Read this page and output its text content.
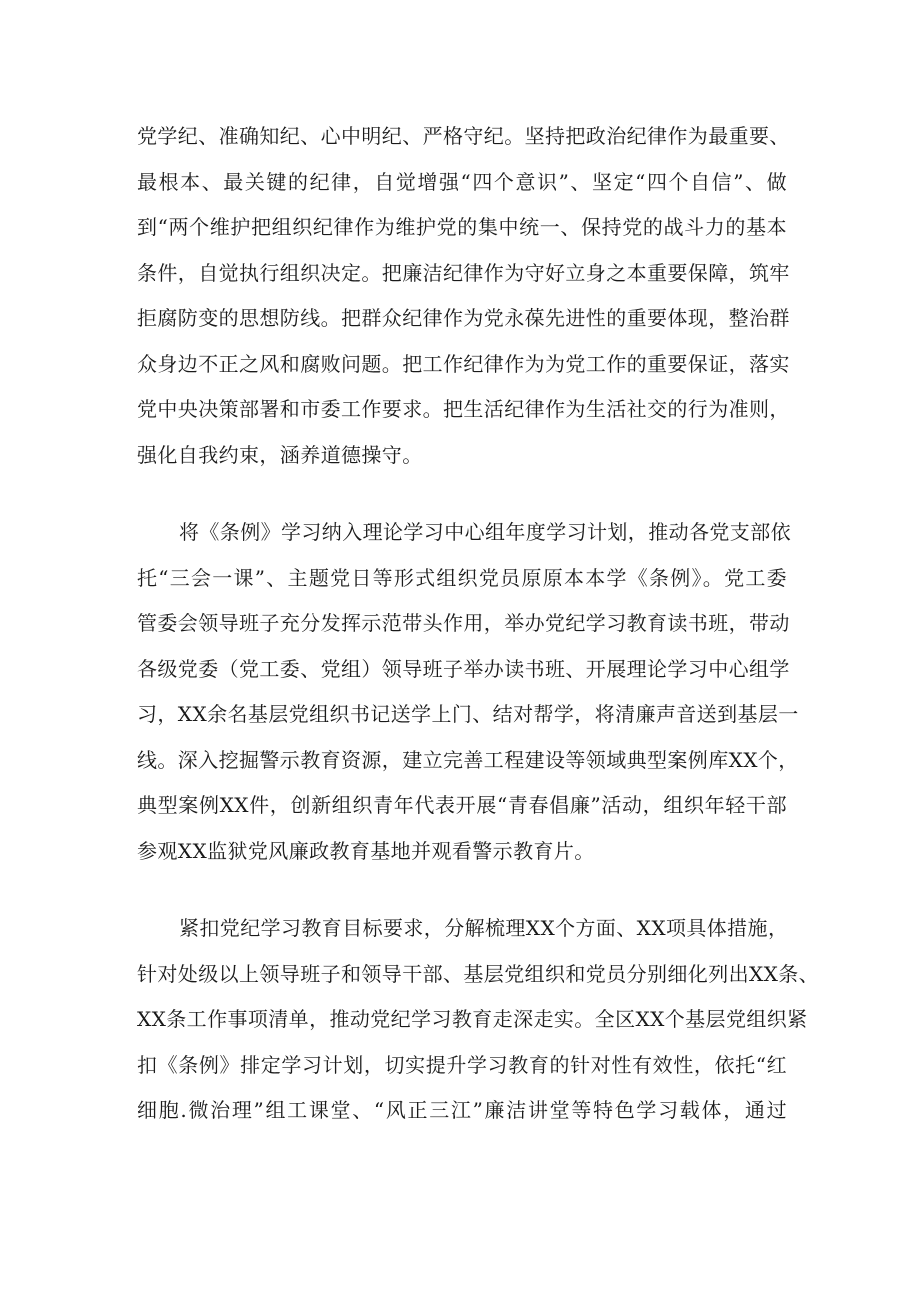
党学纪、准确知纪、心中明纪、严格守纪。坚持把政治纪律作为最重要、
最根本、最关键的纪律，自觉增强“四个意识”、坚定“四个自信”、做
到“两个维护把组织纪律作为维护党的集中统一、保持党的战斗力的基本
条件，自觉执行组织决定。把廉洁纪律作为守好立身之本重要保障，筑牢
拒腐防变的思想防线。把群众纪律作为党永葆先进性的重要体现，整治群
众身边不正之风和腐败问题。把工作纪律作为为党工作的重要保证，落实
党中央决策部署和市委工作要求。把生活纪律作为生活社交的行为准则，
强化自我约束，涵养道德操守。
将《条例》学习纳入理论学习中心组年度学习计划，推动各党支部依
托“三会一课”、主题党日等形式组织党员原原本本学《条例》。党工委
管委会领导班子充分发挥示范带头作用，举办党纪学习教育读书班，带动
各级党委（党工委、党组）领导班子举办读书班、开展理论学习中心组学
习，XX余名基层党组织书记送学上门、结对帮学，将清廉声音送到基层一
线。深入挖掘警示教育资源，建立完善工程建设等领域典型案例库XX个，
典型案例XX件，创新组织青年代表开展“青春倡廉”活动，组织年轻干部
参观XX监狱党风廉政教育基地并观看警示教育片。
紧扣党纪学习教育目标要求，分解梳理XX个方面、XX项具体措施，
针对处级以上领导班子和领导干部、基层党组织和党员分别细化列出XX条、
XX条工作事项清单，推动党纪学习教育走深走实。全区XX个基层党组织紧
扣《条例》排定学习计划，切实提升学习教育的针对性有效性，依托“红
细胞.微治理”组工课堂、“风正三江”廉洁讲堂等特色学习载体，通过
